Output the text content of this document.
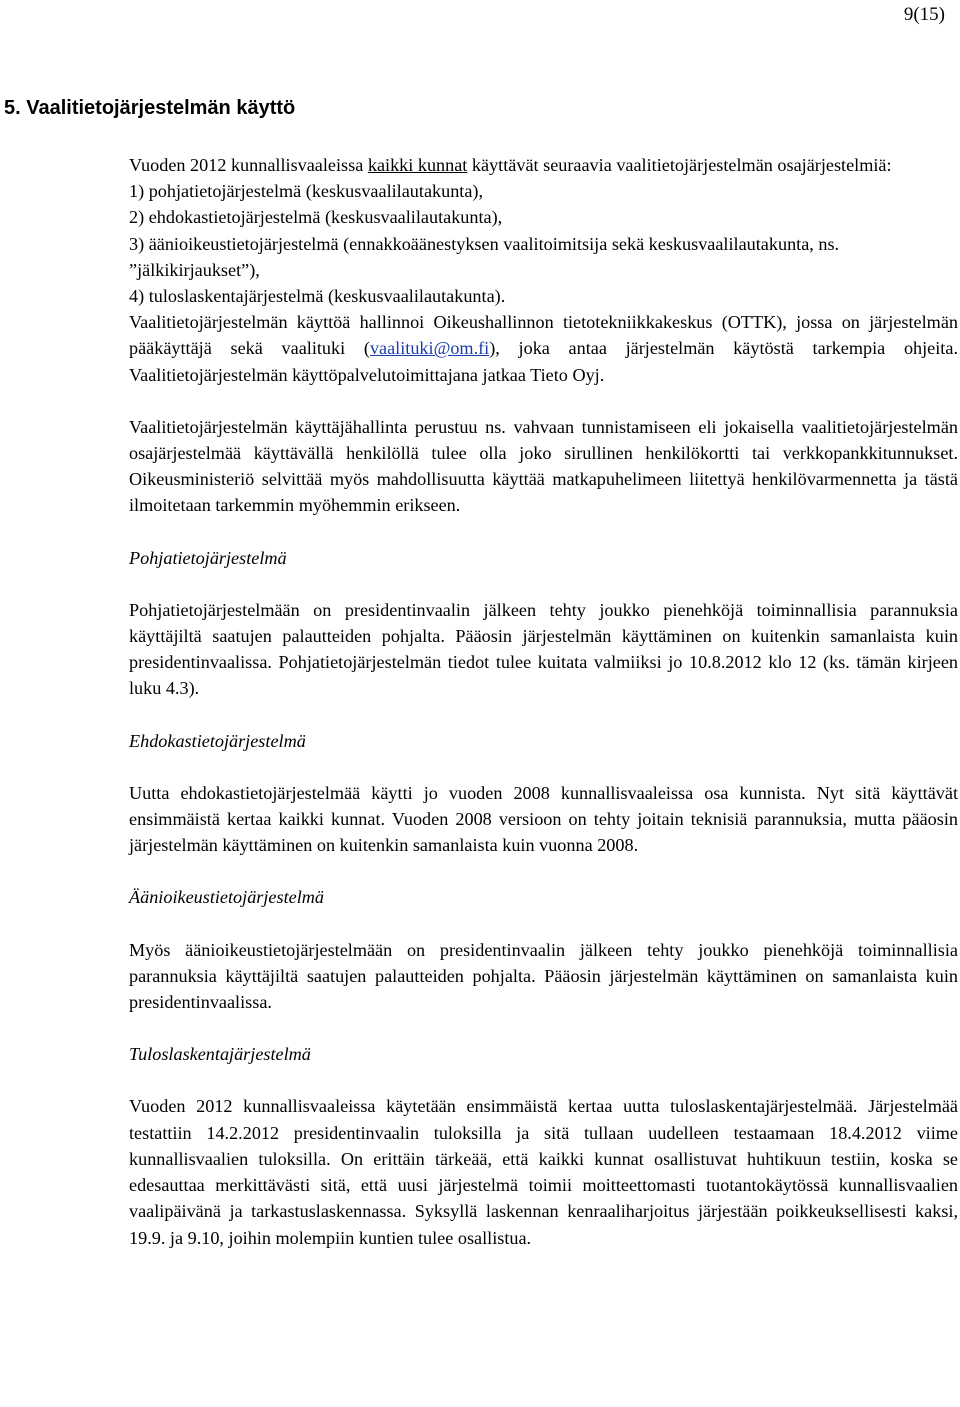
9(15)
5. Vaalitietojärjestelmän käyttö

Vuoden 2012 kunnallisvaaleissa kaikki kunnat käyttävät seuraavia vaalitietojärjestelmän osajärjestelmiä:

1) pohjatietojärjestelmä (keskusvaalilautakunta),
2) ehdokastietojärjestelmä (keskusvaalilautakunta),
3) äänioikeustietojärjestelmä (ennakkoäänestyksen vaalitoimitsija sekä keskusvaalilautakunta, ns. ”jälkikirjaukset”),
4) tuloslaskentajärjestelmä (keskusvaalilautakunta).

Vaalitietojärjestelmän käyttöä hallinnoi Oikeushallinnon tietotekniikkakeskus (OTTK), jossa on järjestelmän pääkäyttäjä sekä vaalituki (vaalituki@om.fi), joka antaa järjestelmän käytöstä tarkempia ohjeita. Vaalitietojärjestelmän käyttöpalvelutoimittajana jatkaa Tieto Oyj.

Vaalitietojärjestelmän käyttäjähallinta perustuu ns. vahvaan tunnistamiseen eli jokaisella vaalitietojärjestelmän osajärjestelmää käyttävällä henkilöllä tulee olla joko sirullinen henkilökortti tai verkkopankkitunnukset. Oikeusministeriö selvittää myös mahdollisuutta käyttää matkapuhelimeen liitettyä henkilövarmennetta ja tästä ilmoitetaan tarkemmin myöhemmin erikseen.

Pohjatietojärjestelmä

Pohjatietojärjestelmään on presidentinvaalin jälkeen tehty joukko pienehköjä toiminnallisia parannuksia käyttäjiltä saatujen palautteiden pohjalta. Pääosin järjestelmän käyttäminen on kuitenkin samanlaista kuin presidentinvaalissa. Pohjatietojärjestelmän tiedot tulee kuitata valmiiksi jo 10.8.2012 klo 12 (ks. tämän kirjeen luku 4.3).

Ehdokastietojärjestelmä

Uutta ehdokastietojärjestelmää käytti jo vuoden 2008 kunnallisvaaleissa osa kunnista. Nyt sitä käyttävät ensimmäistä kertaa kaikki kunnat. Vuoden 2008 versioon on tehty joitain teknisiä parannuksia, mutta pääosin järjestelmän käyttäminen on kuitenkin samanlaista kuin vuonna 2008.

Äänioikeustietojärjestelmä

Myös äänioikeustietojärjestelmään on presidentinvaalin jälkeen tehty joukko pienehköjä toiminnallisia parannuksia käyttäjiltä saatujen palautteiden pohjalta. Pääosin järjestelmän käyttäminen on samanlaista kuin presidentinvaalissa.

Tuloslaskentajärjestelmä

Vuoden 2012 kunnallisvaaleissa käytetään ensimmäistä kertaa uutta tuloslaskentajärjestelmää. Järjestelmää testattiin 14.2.2012 presidentinvaalin tuloksilla ja sitä tullaan uudelleen testaamaan 18.4.2012 viime kunnallisvaalien tuloksilla. On erittäin tärkeää, että kaikki kunnat osallistuvat huhtikuun testiin, koska se edesauttaa merkittävästi sitä, että uusi järjestelmä toimii moitteettomasti tuotantokäytössä kunnallisvaalien vaalipäivänä ja tarkastuslaskennassa. Syksyllä laskennan kenraaliharjoitus järjestään poikkeuksellisesti kaksi, 19.9. ja 9.10, joihin molempiin kuntien tulee osallistua.
